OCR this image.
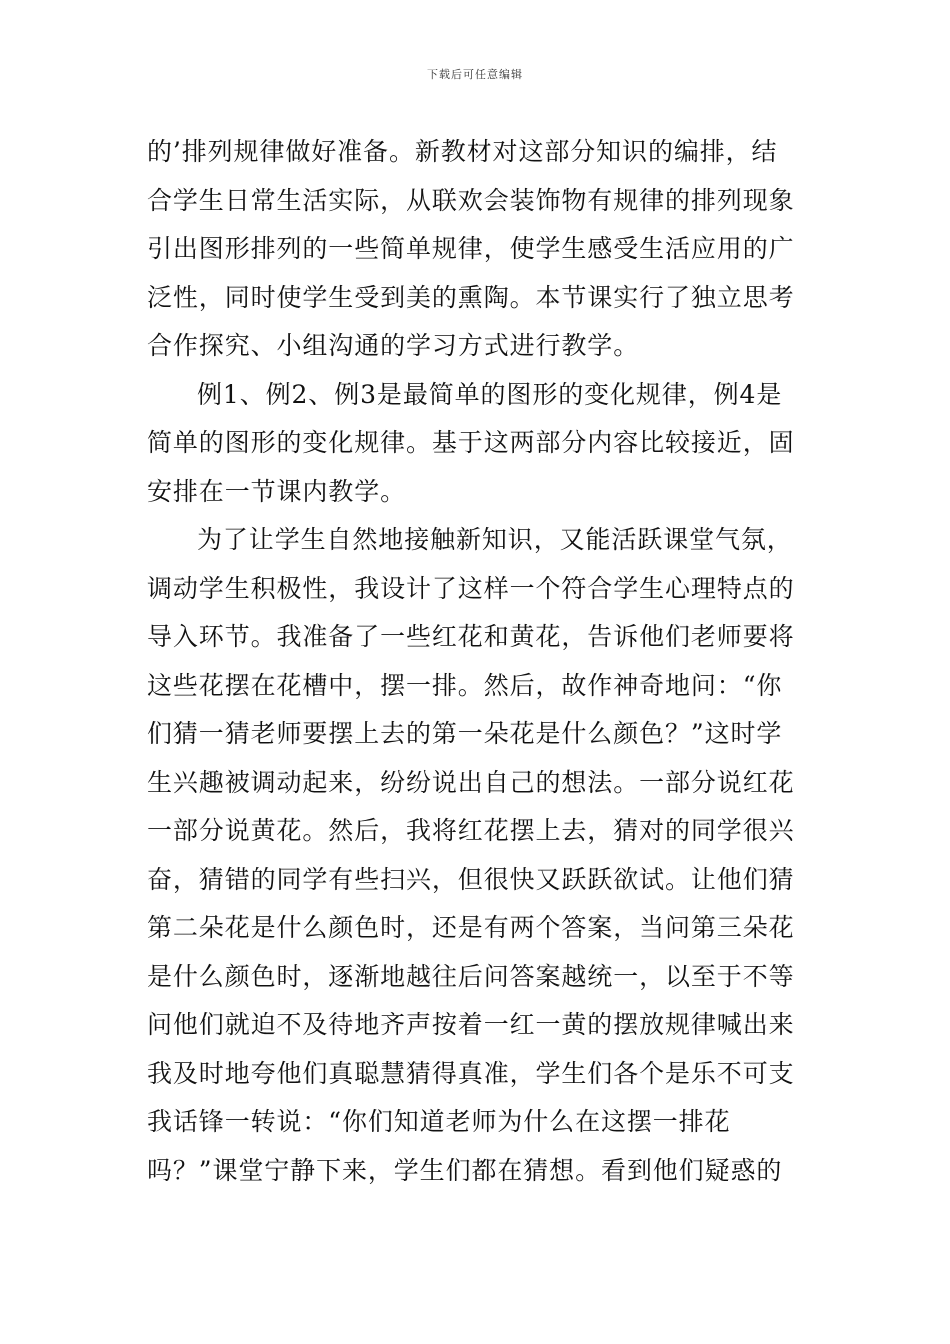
下载后可任意编辑
的’排列规律做好准备。新教材对这部分知识的编排，结
合学生日常生活实际，从联欢会装饰物有规律的排列现象
引出图形排列的一些简单规律，使学生感受生活应用的广
泛性，同时使学生受到美的熏陶。本节课实行了独立思考
合作探究、小组沟通的学习方式进行教学。
例1、例2、例3是最简单的图形的变化规律，例4是
简单的图形的变化规律。基于这两部分内容比较接近，固
安排在一节课内教学。
为了让学生自然地接触新知识，又能活跃课堂气氛，
调动学生积极性，我设计了这样一个符合学生心理特点的
导入环节。我准备了一些红花和黄花，告诉他们老师要将
这些花摆在花槽中，摆一排。然后，故作神奇地问：“你
们猜一猜老师要摆上去的第一朵花是什么颜色？”这时学
生兴趣被调动起来，纷纷说出自己的想法。一部分说红花
一部分说黄花。然后，我将红花摆上去，猜对的同学很兴
奋，猜错的同学有些扫兴，但很快又跃跃欲试。让他们猜
第二朵花是什么颜色时，还是有两个答案，当问第三朵花
是什么颜色时，逐渐地越往后问答案越统一，以至于不等
问他们就迫不及待地齐声按着一红一黄的摆放规律喊出来
我及时地夸他们真聪慧猜得真准，学生们各个是乐不可支
我话锋一转说：“你们知道老师为什么在这摆一排花
吗？”课堂宁静下来，学生们都在猜想。看到他们疑惑的
